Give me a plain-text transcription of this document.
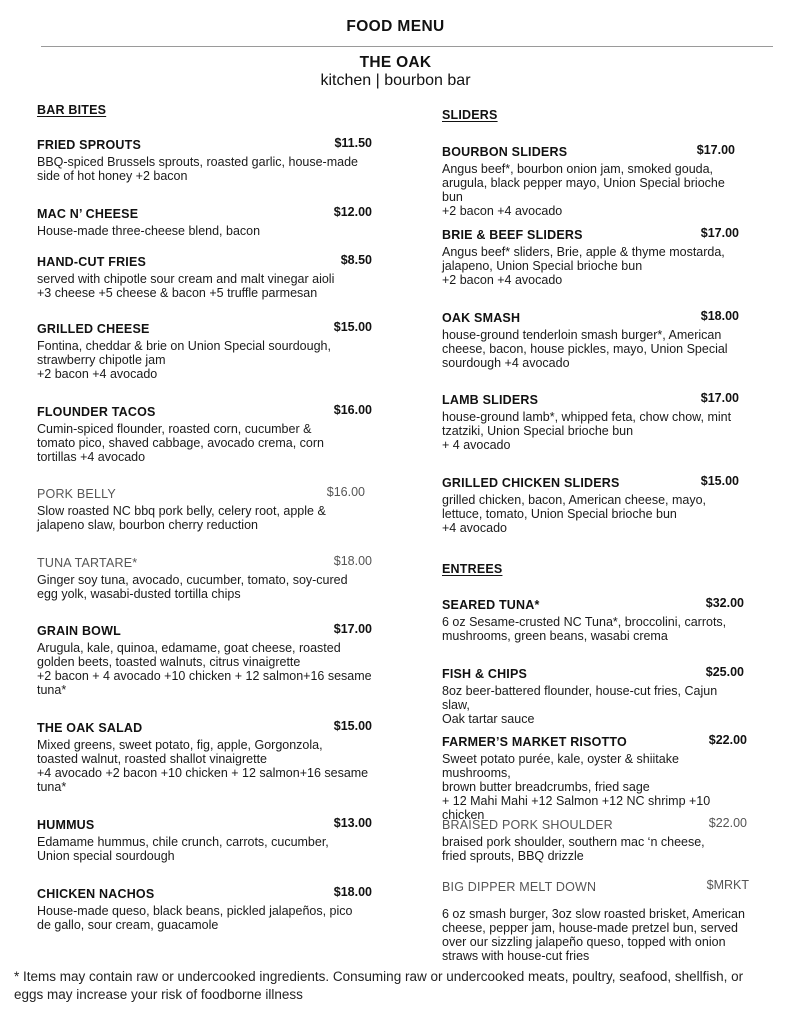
FOOD MENU
THE OAK
kitchen | bourbon bar
BAR BITES
FRIED SPROUTS	$11.50
BBQ-spiced Brussels sprouts, roasted garlic, house-made
side of hot honey +2 bacon
MAC N’ CHEESE	$12.00
House-made three-cheese blend, bacon
HAND-CUT FRIES	$8.50
served with chipotle sour cream and malt vinegar aioli
+3 cheese +5 cheese & bacon +5 truffle parmesan
GRILLED CHEESE	$15.00
Fontina, cheddar & brie on Union Special sourdough,
strawberry chipotle jam
+2 bacon +4 avocado
FLOUNDER TACOS	$16.00
Cumin-spiced flounder, roasted corn, cucumber &
tomato pico, shaved cabbage, avocado crema, corn
tortillas +4 avocado
PORK BELLY	$16.00
Slow roasted NC bbq pork belly, celery root, apple &
jalapeno slaw, bourbon cherry reduction
TUNA TARTARE*	$18.00
Ginger soy tuna, avocado, cucumber, tomato, soy-cured
egg yolk, wasabi-dusted tortilla chips
GRAIN BOWL	$17.00
Arugula, kale, quinoa, edamame, goat cheese, roasted
golden beets, toasted walnuts, citrus vinaigrette
+2 bacon + 4 avocado +10 chicken + 12 salmon+16 sesame
tuna*
THE OAK SALAD	$15.00
Mixed greens, sweet potato, fig, apple, Gorgonzola,
toasted walnut, roasted shallot vinaigrette
+4 avocado +2 bacon +10 chicken + 12 salmon+16 sesame
tuna*
HUMMUS	$13.00
Edamame hummus, chile crunch, carrots, cucumber,
Union special sourdough
CHICKEN NACHOS	$18.00
House-made queso, black beans, pickled jalapeños, pico
de gallo, sour cream, guacamole
SLIDERS
BOURBON SLIDERS	$17.00
Angus beef*, bourbon onion jam, smoked gouda,
arugula, black pepper mayo, Union Special brioche bun
+2 bacon +4 avocado
BRIE & BEEF SLIDERS	$17.00
Angus beef* sliders, Brie, apple & thyme mostarda,
jalapeno, Union Special brioche bun
+2 bacon +4 avocado
OAK SMASH	$18.00
house-ground tenderloin smash burger*, American
cheese, bacon, house pickles, mayo, Union Special
sourdough +4 avocado
LAMB SLIDERS	$17.00
house-ground lamb*, whipped feta, chow chow, mint
tzatziki, Union Special brioche bun
+ 4 avocado
GRILLED CHICKEN SLIDERS	$15.00
grilled chicken, bacon, American cheese, mayo,
lettuce, tomato, Union Special brioche bun
+4 avocado
ENTREES
SEARED TUNA*	$32.00
6 oz Sesame-crusted NC Tuna*, broccolini, carrots,
mushrooms, green beans, wasabi crema
FISH & CHIPS	$25.00
8oz beer-battered flounder, house-cut fries, Cajun slaw,
Oak tartar sauce
FARMER’S MARKET RISOTTO	$22.00
Sweet potato purée, kale, oyster & shiitake mushrooms,
brown butter breadcrumbs, fried sage
+ 12 Mahi Mahi +12 Salmon +12 NC shrimp +10 chicken
BRAISED PORK SHOULDER	$22.00
braised pork shoulder, southern mac ‘n cheese,
fried sprouts, BBQ drizzle
BIG DIPPER MELT DOWN	$MRKT
6 oz smash burger, 3oz slow roasted brisket, American
cheese, pepper jam, house-made pretzel bun, served
over our sizzling jalapeño queso, topped with onion
straws with house-cut fries
* Items may contain raw or undercooked ingredients. Consuming raw or undercooked meats, poultry, seafood, shellfish, or eggs may increase your risk of foodborne illness
